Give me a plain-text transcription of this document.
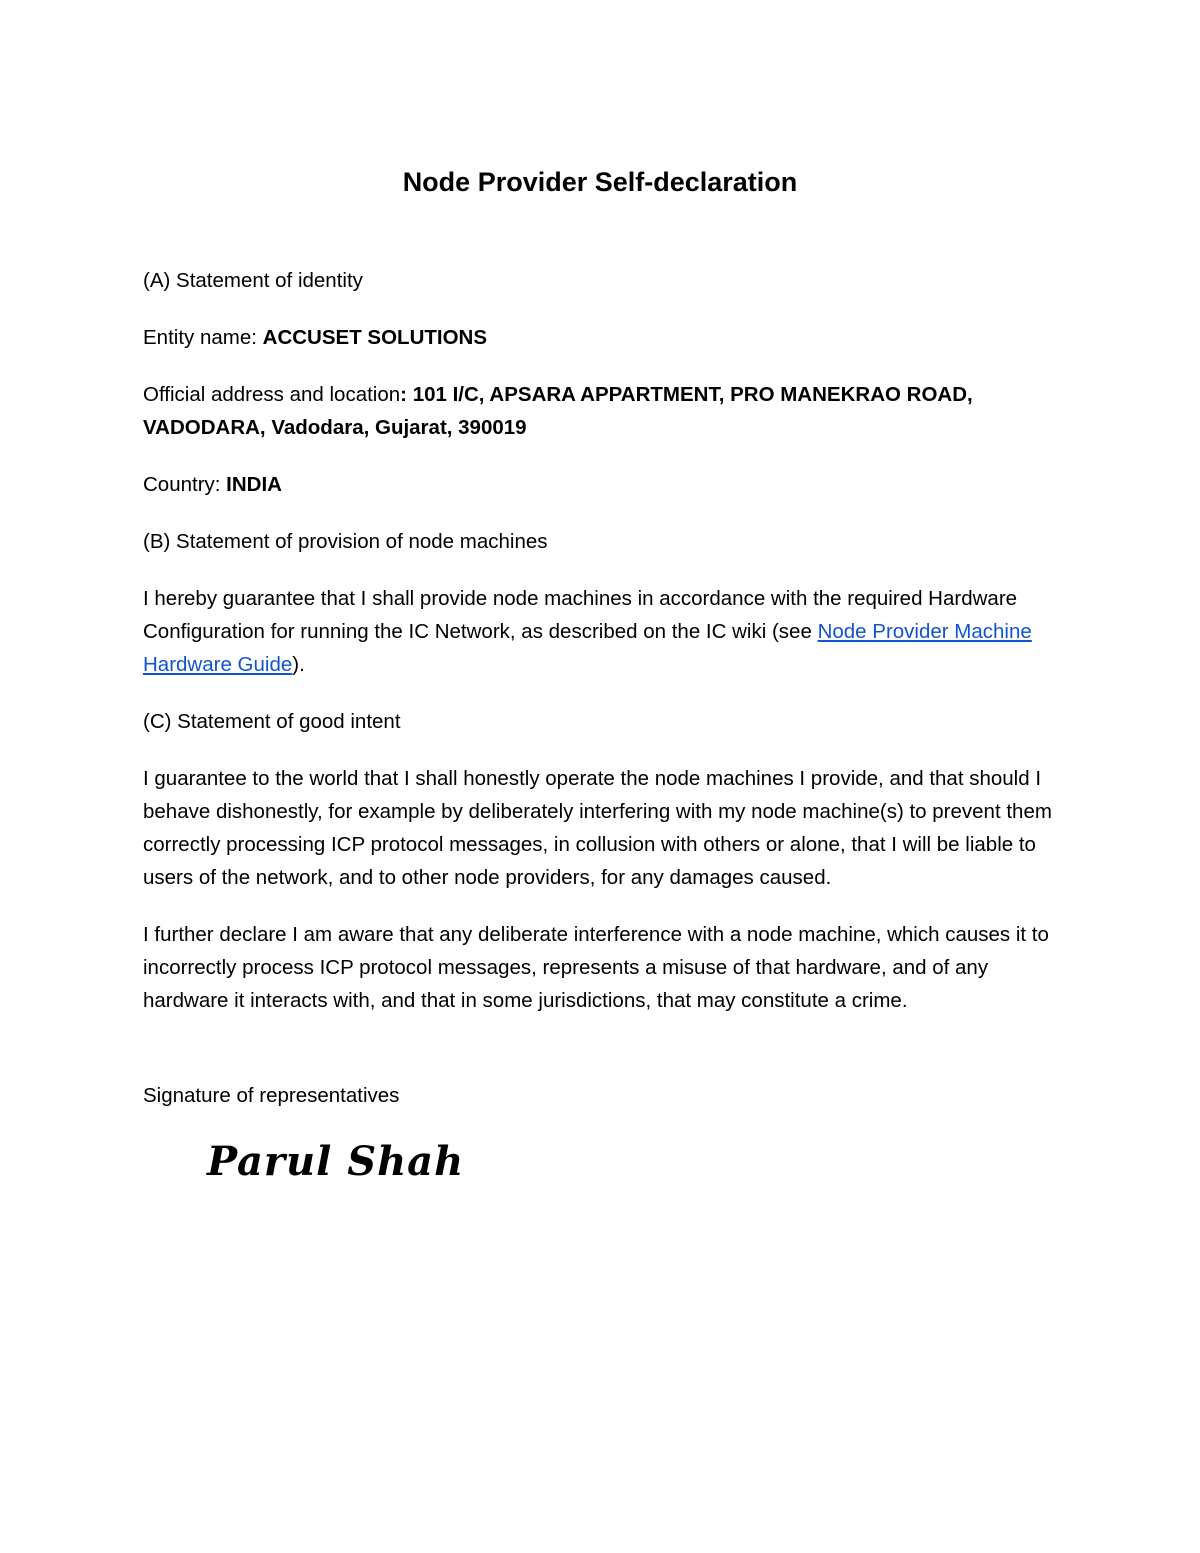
Node Provider Self-declaration

(A) Statement of identity

Entity name: ACCUSET SOLUTIONS

Official address and location: 101 I/C, APSARA APPARTMENT, PRO MANEKRAO ROAD, VADODARA, Vadodara, Gujarat, 390019

Country: INDIA

(B) Statement of provision of node machines

I hereby guarantee that I shall provide node machines in accordance with the required Hardware Configuration for running the IC Network, as described on the IC wiki (see Node Provider Machine Hardware Guide).

(C) Statement of good intent

I guarantee to the world that I shall honestly operate the node machines I provide, and that should I behave dishonestly, for example by deliberately interfering with my node machine(s) to prevent them correctly processing ICP protocol messages, in collusion with others or alone, that I will be liable to users of the network, and to other node providers, for any damages caused.

I further declare I am aware that any deliberate interference with a node machine, which causes it to incorrectly process ICP protocol messages, represents a misuse of that hardware, and of any hardware it interacts with, and that in some jurisdictions, that may constitute a crime.

Signature of representatives

Parul Shah
